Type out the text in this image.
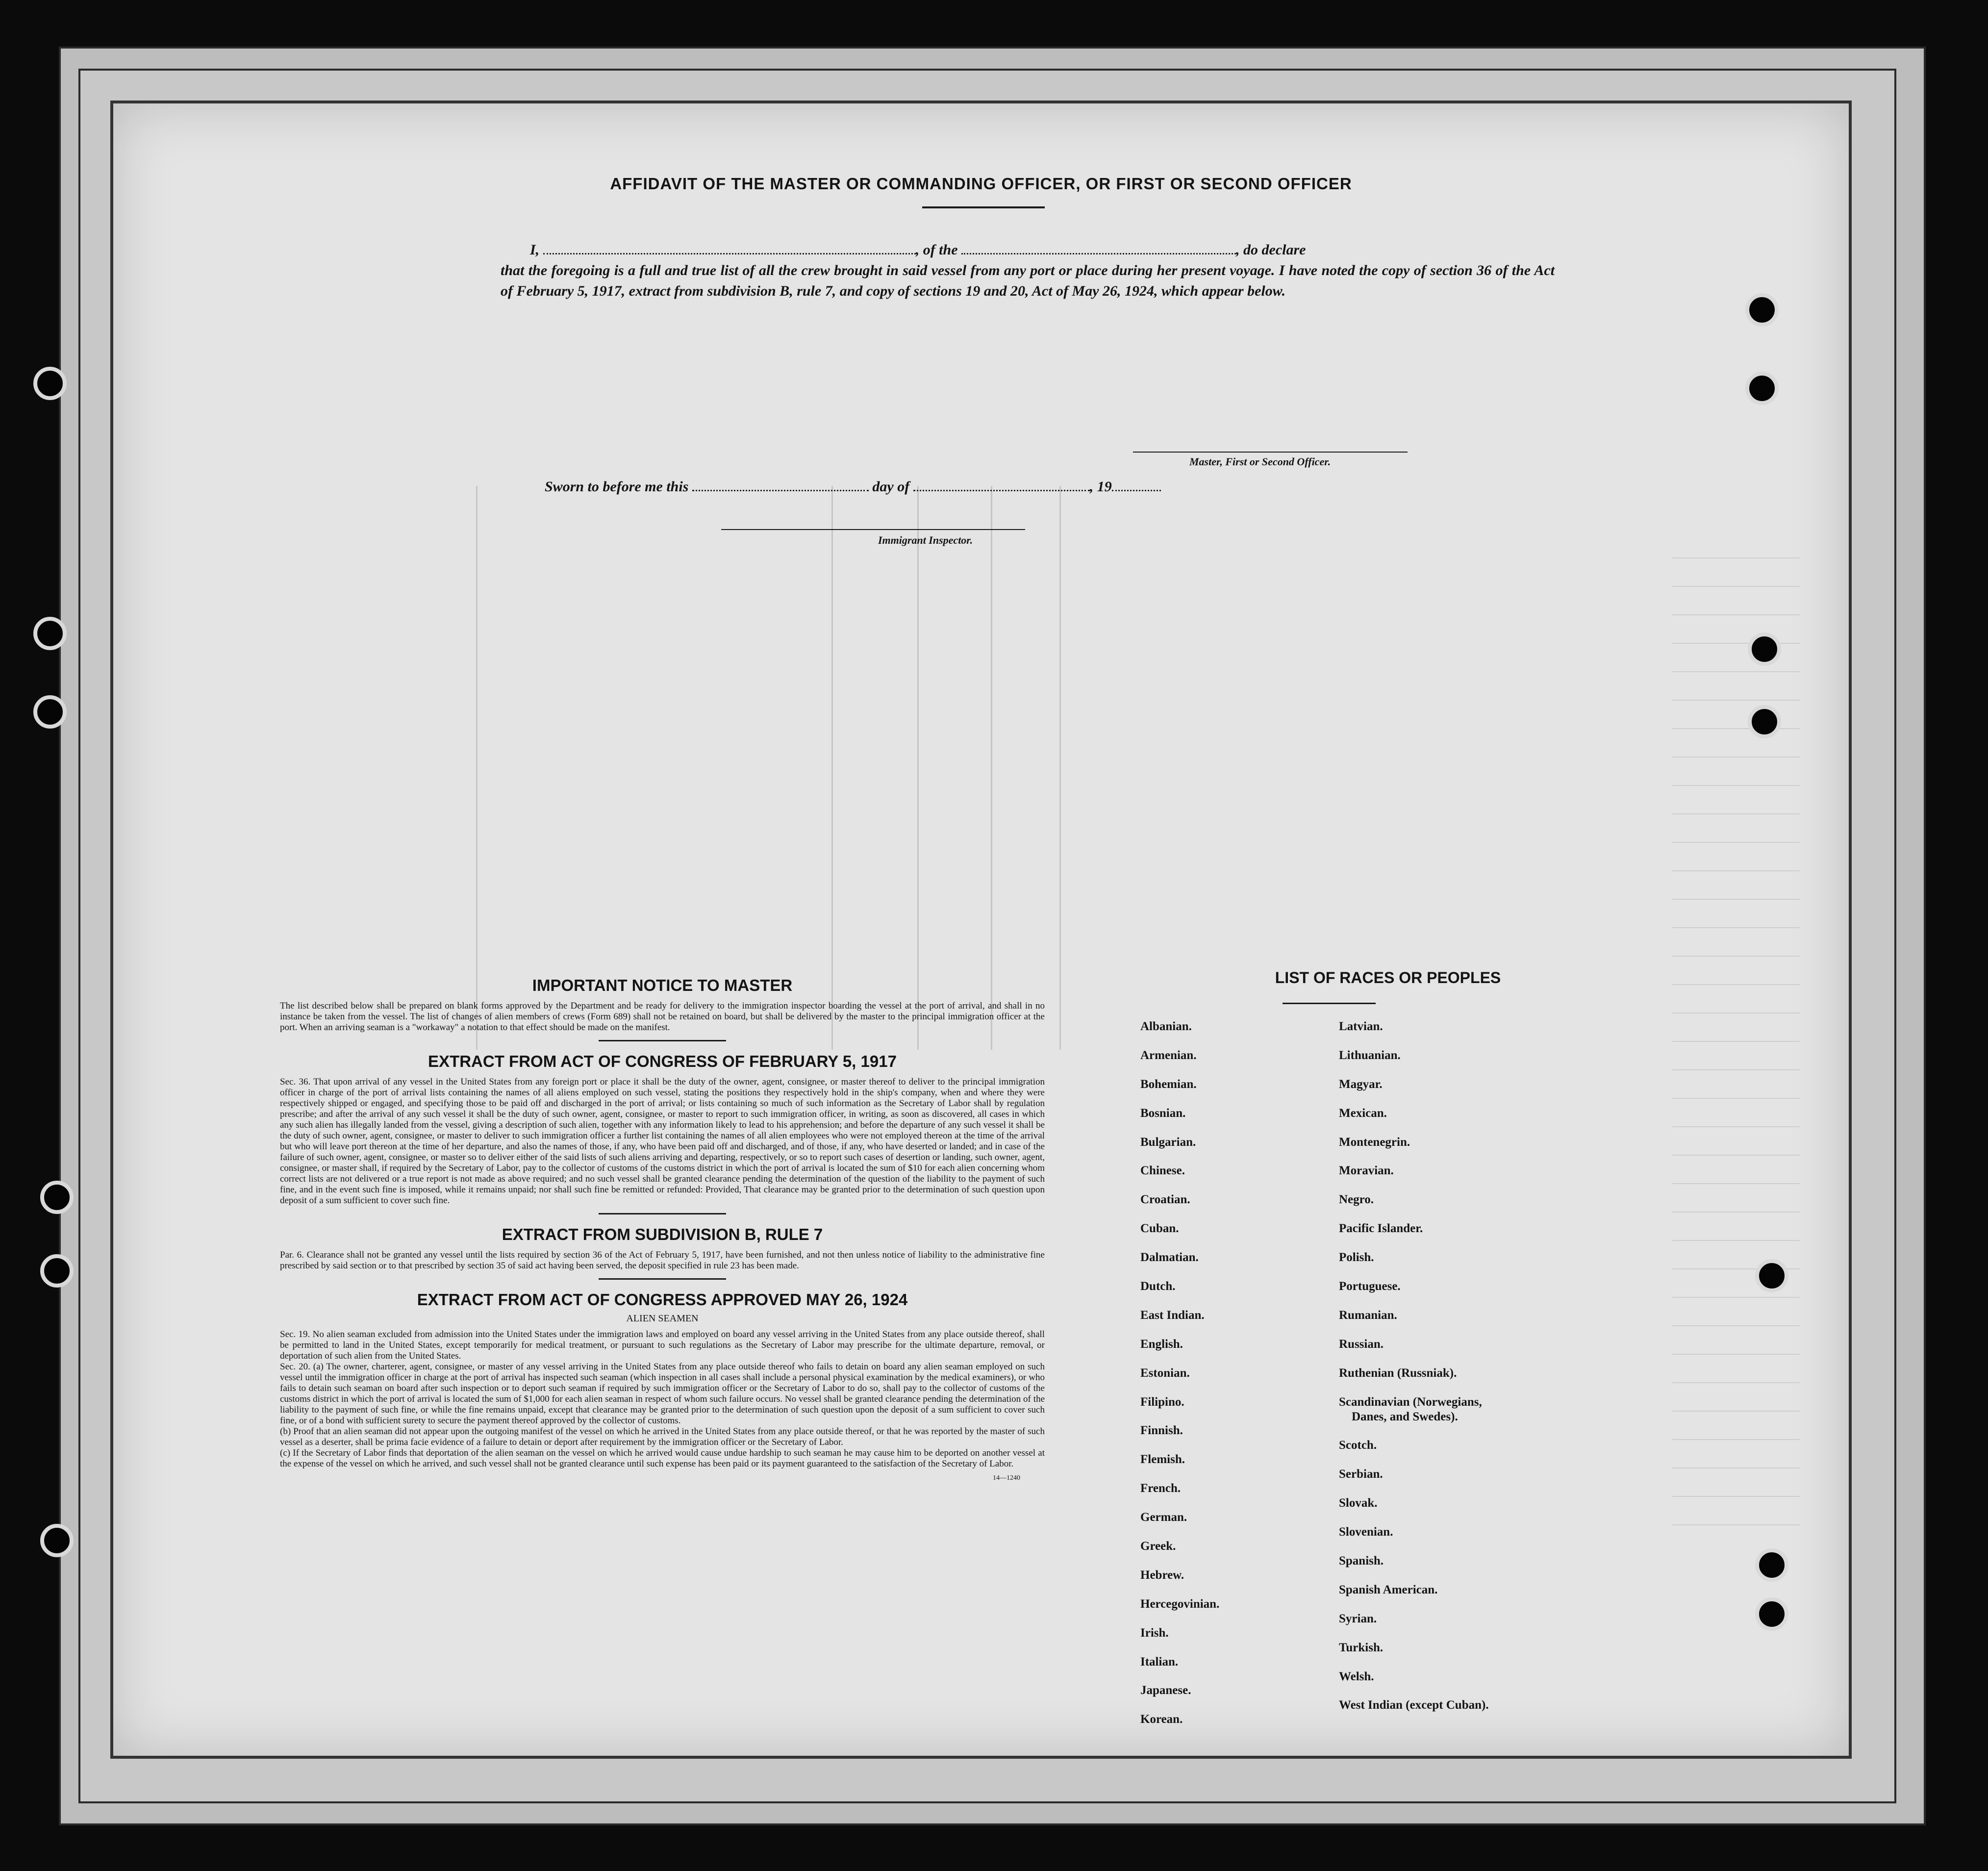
AFFIDAVIT OF THE MASTER OR COMMANDING OFFICER, OR FIRST OR SECOND OFFICER

I,	, of the	, do declare

that the foregoing is a full and true list of all the crew brought in said vessel from any port or place during her present voyage. I have noted the copy of section 36 of the Act of February 5, 1917, extract from subdivision B, rule 7, and copy of sections 19 and 20, Act of May 26, 1924, which appear below.

Master, First or Second Officer.
Sworn to before me this	day of	, 19
Immigrant Inspector.
IMPORTANT NOTICE TO MASTER

The list described below shall be prepared on blank forms approved by the Department and be ready for delivery to the immigration inspector boarding the vessel at the port of arrival, and shall in no instance be taken from the vessel. The list of changes of alien members of crews (Form 689) shall not be retained on board, but shall be delivered by the master to the principal immigration officer at the port. When an arriving seaman is a "workaway" a notation to that effect should be made on the manifest.

EXTRACT FROM ACT OF CONGRESS OF FEBRUARY 5, 1917

Sec. 36. That upon arrival of any vessel in the United States from any foreign port or place it shall be the duty of the owner, agent, consignee, or master thereof to deliver to the principal immigration officer in charge of the port of arrival lists containing the names of all aliens employed on such vessel, stating the positions they respectively hold in the ship's company, when and where they were respectively shipped or engaged, and specifying those to be paid off and discharged in the port of arrival; or lists containing so much of such information as the Secretary of Labor shall by regulation prescribe; and after the arrival of any such vessel it shall be the duty of such owner, agent, consignee, or master to report to such immigration officer, in writing, as soon as discovered, all cases in which any such alien has illegally landed from the vessel, giving a description of such alien, together with any information likely to lead to his apprehension; and before the departure of any such vessel it shall be the duty of such owner, agent, consignee, or master to deliver to such immigration officer a further list containing the names of all alien employees who were not employed thereon at the time of the arrival but who will leave port thereon at the time of her departure, and also the names of those, if any, who have been paid off and discharged, and of those, if any, who have deserted or landed; and in case of the failure of such owner, agent, consignee, or master so to deliver either of the said lists of such aliens arriving and departing, respectively, or so to report such cases of desertion or landing, such owner, agent, consignee, or master shall, if required by the Secretary of Labor, pay to the collector of customs of the customs district in which the port of arrival is located the sum of $10 for each alien concerning whom correct lists are not delivered or a true report is not made as above required; and no such vessel shall be granted clearance pending the determination of the question of the liability to the payment of such fine, and in the event such fine is imposed, while it remains unpaid; nor shall such fine be remitted or refunded: Provided, That clearance may be granted prior to the determination of such question upon deposit of a sum sufficient to cover such fine.

EXTRACT FROM SUBDIVISION B, RULE 7

Par. 6. Clearance shall not be granted any vessel until the lists required by section 36 of the Act of February 5, 1917, have been furnished, and not then unless notice of liability to the administrative fine prescribed by said section or to that prescribed by section 35 of said act having been served, the deposit specified in rule 23 has been made.

EXTRACT FROM ACT OF CONGRESS APPROVED MAY 26, 1924

ALIEN SEAMEN

Sec. 19. No alien seaman excluded from admission into the United States under the immigration laws and employed on board any vessel arriving in the United States from any place outside thereof, shall be permitted to land in the United States, except temporarily for medical treatment, or pursuant to such regulations as the Secretary of Labor may prescribe for the ultimate departure, removal, or deportation of such alien from the United States.

Sec. 20. (a) The owner, charterer, agent, consignee, or master of any vessel arriving in the United States from any place outside thereof who fails to detain on board any alien seaman employed on such vessel until the immigration officer in charge at the port of arrival has inspected such seaman (which inspection in all cases shall include a personal physical examination by the medical examiners), or who fails to detain such seaman on board after such inspection or to deport such seaman if required by such immigration officer or the Secretary of Labor to do so, shall pay to the collector of customs of the customs district in which the port of arrival is located the sum of $1,000 for each alien seaman in respect of whom such failure occurs. No vessel shall be granted clearance pending the determination of the liability to the payment of such fine, or while the fine remains unpaid, except that clearance may be granted prior to the determination of such question upon the deposit of a sum sufficient to cover such fine, or of a bond with sufficient surety to secure the payment thereof approved by the collector of customs.

(b) Proof that an alien seaman did not appear upon the outgoing manifest of the vessel on which he arrived in the United States from any place outside thereof, or that he was reported by the master of such vessel as a deserter, shall be prima facie evidence of a failure to detain or deport after requirement by the immigration officer or the Secretary of Labor.

(c) If the Secretary of Labor finds that deportation of the alien seaman on the vessel on which he arrived would cause undue hardship to such seaman he may cause him to be deported on another vessel at the expense of the vessel on which he arrived, and such vessel shall not be granted clearance until such expense has been paid or its payment guaranteed to the satisfaction of the Secretary of Labor.

14—1240

LIST OF RACES OR PEOPLES
Albanian.
Armenian.
Bohemian.
Bosnian.
Bulgarian.
Chinese.
Croatian.
Cuban.
Dalmatian.
Dutch.
East Indian.
English.
Estonian.
Filipino.
Finnish.
Flemish.
French.
German.
Greek.
Hebrew.
Hercegovinian.
Irish.
Italian.
Japanese.
Korean.
Latvian.
Lithuanian.
Magyar.
Mexican.
Montenegrin.
Moravian.
Negro.
Pacific Islander.
Polish.
Portuguese.
Rumanian.
Russian.
Ruthenian (Russniak).
Scandinavian (Norwegians,
Danes, and Swedes).
Scotch.
Serbian.
Slovak.
Slovenian.
Spanish.
Spanish American.
Syrian.
Turkish.
Welsh.
West Indian (except Cuban).
